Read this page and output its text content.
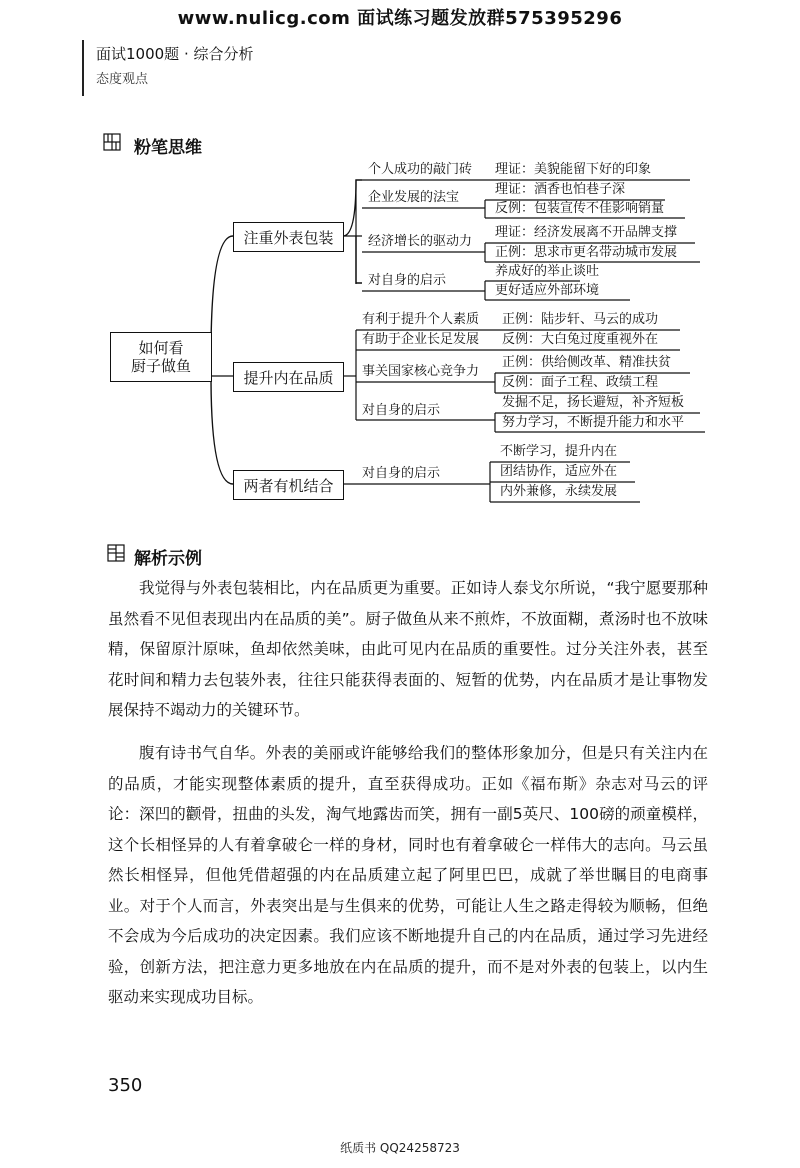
www.nulicg.com 面试练习题发放群575395296
面试1000题 · 综合分析
态度观点
粉笔思维
如何看
厨子做鱼
注重外表包装
提升内在品质
两者有机结合
个人成功的敲门砖
企业发展的法宝
经济增长的驱动力
对自身的启示
理证：美貌能留下好的印象
理证：酒香也怕巷子深
反例：包装宣传不佳影响销量
理证：经济发展离不开品牌支撑
正例：思求市更名带动城市发展
养成好的举止谈吐
更好适应外部环境
有利于提升个人素质
有助于企业长足发展
事关国家核心竞争力
对自身的启示
正例：陆步轩、马云的成功
反例：大白兔过度重视外在
正例：供给侧改革、精准扶贫
反例：面子工程、政绩工程
发掘不足，扬长避短，补齐短板
努力学习，不断提升能力和水平
对自身的启示
不断学习，提升内在
团结协作，适应外在
内外兼修，永续发展
解析示例
我觉得与外表包装相比，内在品质更为重要。正如诗人泰戈尔所说，“我宁愿要那种虽然看不见但表现出内在品质的美”。厨子做鱼从来不煎炸，不放面糊，煮汤时也不放味精，保留原汁原味，鱼却依然美味，由此可见内在品质的重要性。过分关注外表，甚至花时间和精力去包装外表，往往只能获得表面的、短暂的优势，内在品质才是让事物发展保持不竭动力的关键环节。
腹有诗书气自华。外表的美丽或许能够给我们的整体形象加分，但是只有关注内在的品质，才能实现整体素质的提升，直至获得成功。正如《福布斯》杂志对马云的评论：深凹的颧骨，扭曲的头发，淘气地露齿而笑，拥有一副5英尺、100磅的顽童模样，这个长相怪异的人有着拿破仑一样的身材，同时也有着拿破仑一样伟大的志向。马云虽然长相怪异，但他凭借超强的内在品质建立起了阿里巴巴，成就了举世瞩目的电商事业。对于个人而言，外表突出是与生俱来的优势，可能让人生之路走得较为顺畅，但绝不会成为今后成功的决定因素。我们应该不断地提升自己的内在品质，通过学习先进经验，创新方法，把注意力更多地放在内在品质的提升，而不是对外表的包装上，以内生驱动来实现成功目标。
350
纸质书 QQ24258723
